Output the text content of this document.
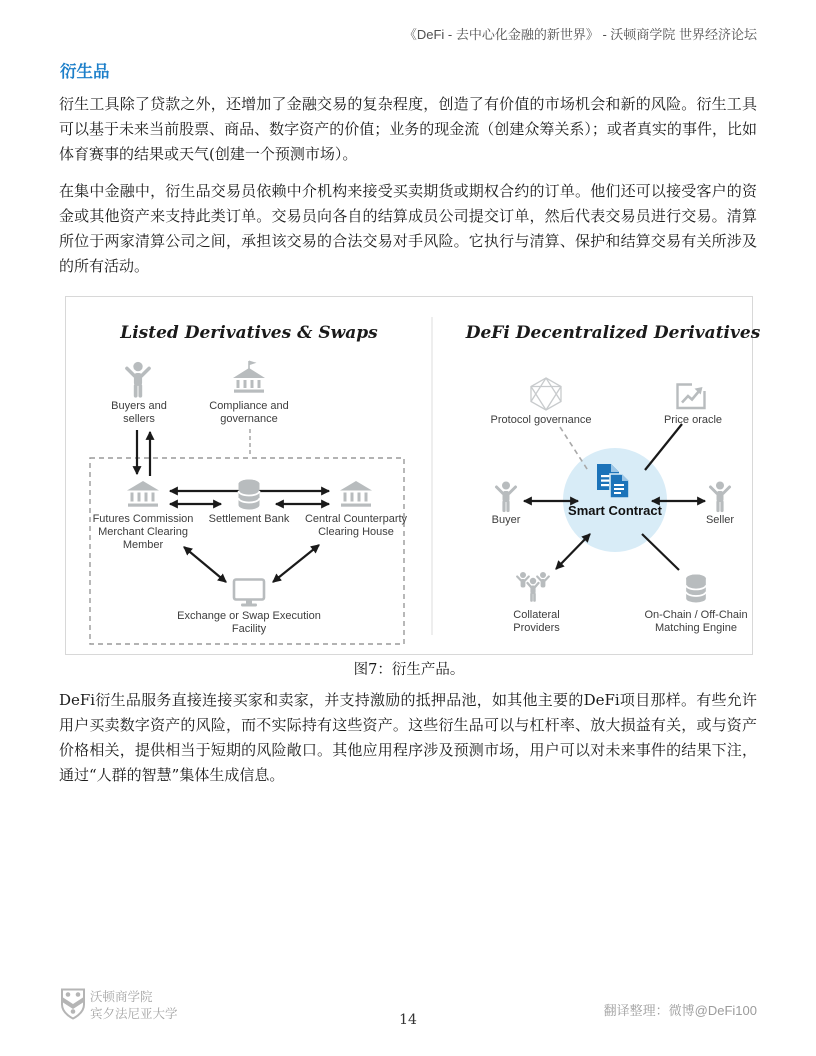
《DeFi - 去中心化金融的新世界》 - 沃顿商学院 世界经济论坛
衍生品

衍生工具除了贷款之外，还增加了金融交易的复杂程度，创造了有价值的市场机会和新的风险。衍生工具可以基于未来当前股票、商品、数字资产的价值；业务的现金流（创建众筹关系）；或者真实的事件，比如体育赛事的结果或天气(创建一个预测市场）。

在集中金融中，衍生品交易员依赖中介机构来接受买卖期货或期权合约的订单。他们还可以接受客户的资金或其他资产来支持此类订单。交易员向各自的结算成员公司提交订单，然后代表交易员进行交易。清算所位于两家清算公司之间，承担该交易的合法交易对手风险。它执行与清算、保护和结算交易有关所涉及的所有活动。

Listed Derivatives & Swaps
Buyers and sellers
Compliance and governance
Futures Commission Merchant Clearing Member
Settlement Bank	Central Counterparty Clearing House
Exchange or Swap Execution Facility
DeFi Decentralized Derivatives
Protocol governance	Price oracle
Smart Contract
Buyer	Seller
Collateral Providers
On-Chain / Off-Chain Matching Engine
图7：衍生产品。

DeFi衍生品服务直接连接买家和卖家，并支持激励的抵押品池，如其他主要的DeFi项目那样。有些允许用户买卖数字资产的风险，而不实际持有这些资产。这些衍生品可以与杠杆率、放大损益有关，或与资产价格相关，提供相当于短期的风险敞口。其他应用程序涉及预测市场，用户可以对未来事件的结果下注，通过“人群的智慧”集体生成信息。

沃顿商学院
宾夕法尼亚大学	14
翻译整理：微博@DeFi100
